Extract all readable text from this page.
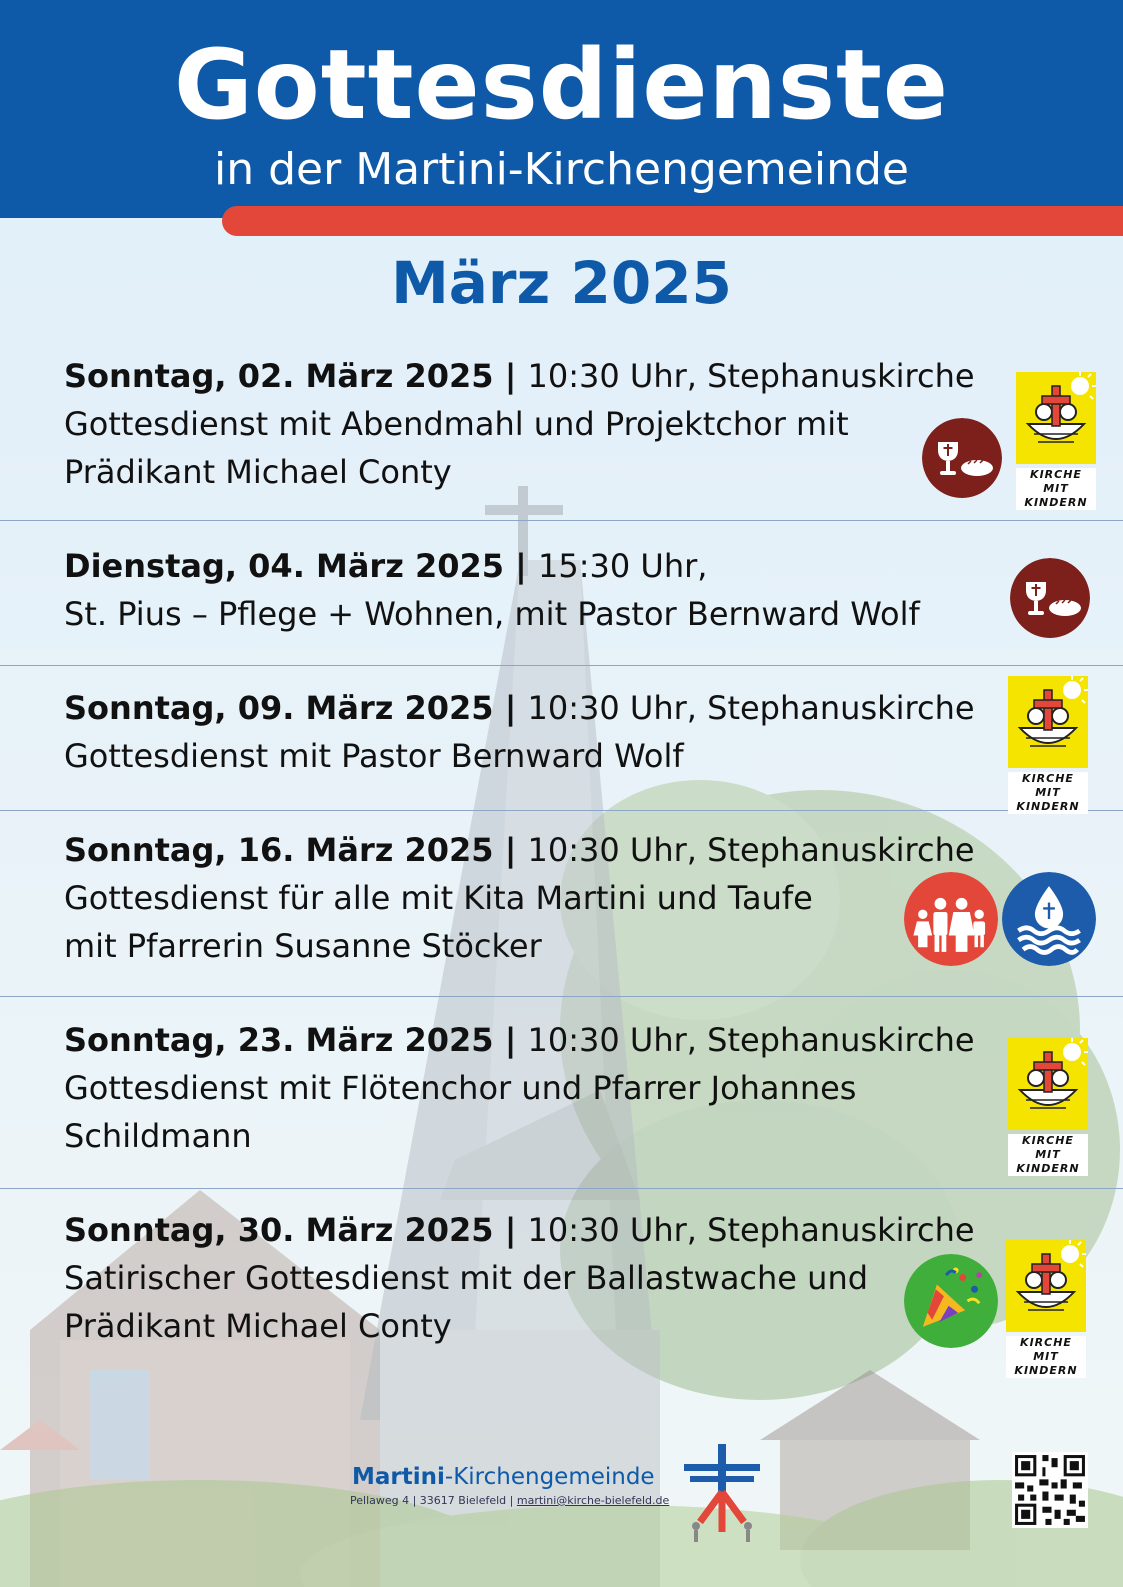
Gottesdienste
in der Martini-Kirchengemeinde
März 2025
Sonntag, 02. März 2025 | 10:30 Uhr, Stephanuskirche
Gottesdienst mit Abendmahl und Projektchor mit
Prädikant Michael Conty
Dienstag, 04. März 2025 | 15:30 Uhr,
St. Pius – Pflege + Wohnen, mit Pastor Bernward Wolf
Sonntag, 09. März 2025 | 10:30 Uhr, Stephanuskirche
Gottesdienst mit Pastor Bernward Wolf
Sonntag, 16. März 2025 | 10:30 Uhr, Stephanuskirche
Gottesdienst für alle mit Kita Martini und Taufe
mit Pfarrerin Susanne Stöcker
Sonntag, 23. März 2025 | 10:30 Uhr, Stephanuskirche
Gottesdienst mit Flötenchor und Pfarrer Johannes
Schildmann
Sonntag, 30. März 2025 | 10:30 Uhr, Stephanuskirche
Satirischer Gottesdienst mit der Ballastwache und
Prädikant Michael Conty
KIRCHE MIT
KINDERN
KIRCHE MIT
KINDERN
KIRCHE MIT
KINDERN
KIRCHE MIT
KINDERN
Martini-Kirchengemeinde
Pellaweg 4 | 33617 Bielefeld | martini@kirche-bielefeld.de
